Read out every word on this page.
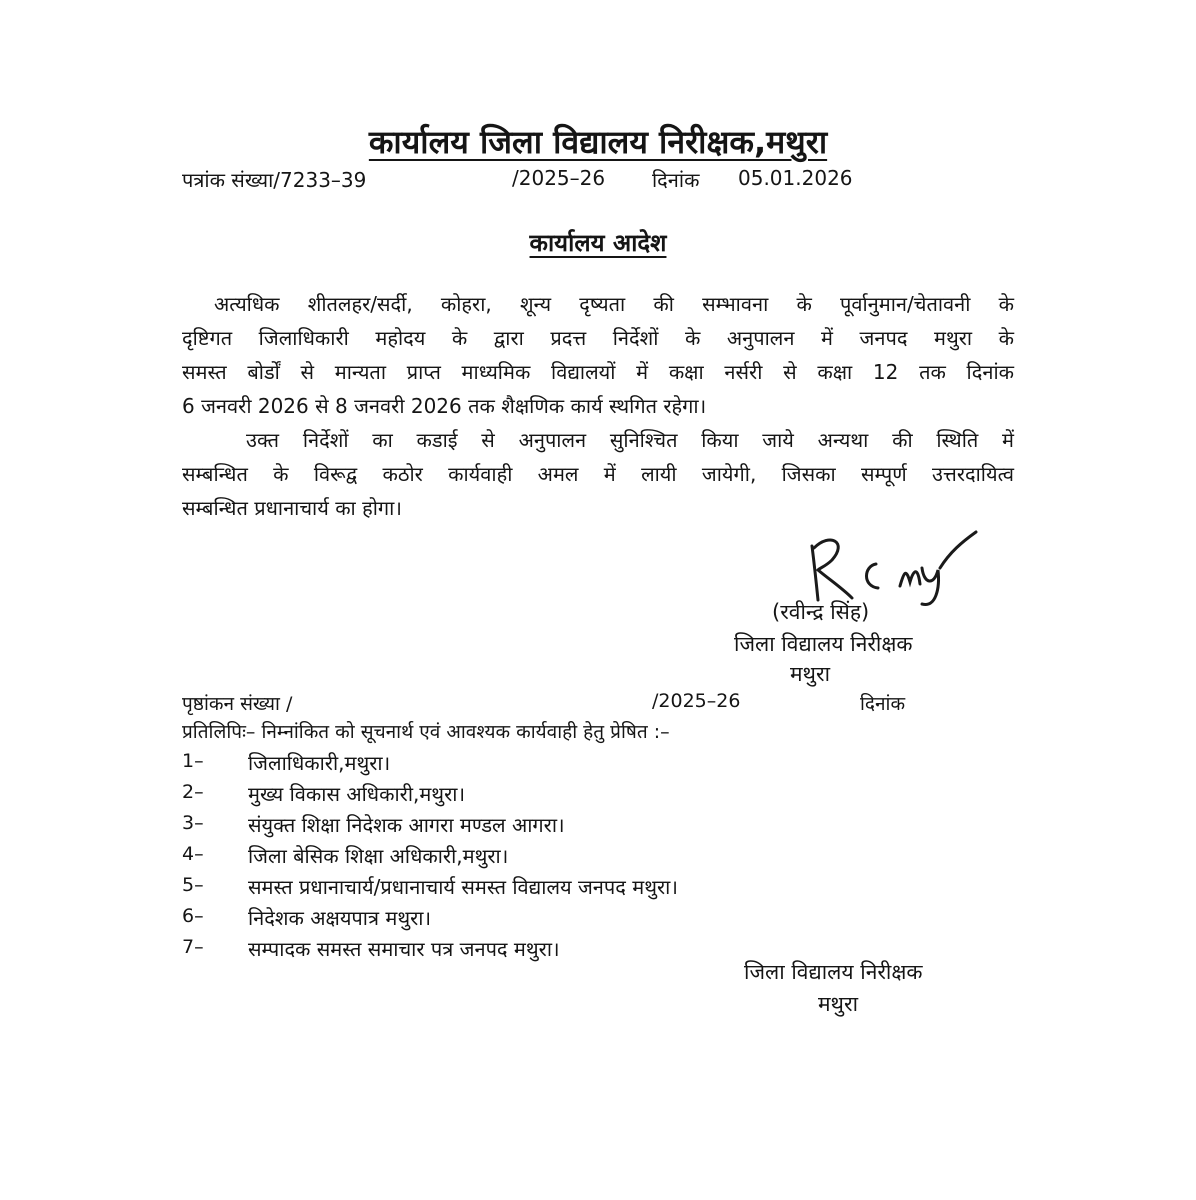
कार्यालय जिला विद्यालय निरीक्षक,मथुरा
पत्रांक संख्या/7233–39	/2025–26 दिनांक 05.01.2026
कार्यालय आदेश
अत्यधिक शीतलहर/सर्दी, कोहरा, शून्य दृष्यता की सम्भावना के पूर्वानुमान/चेतावनी के
दृष्टिगत जिलाधिकारी महोदय के द्वारा प्रदत्त निर्देशों के अनुपालन में जनपद मथुरा के
समस्त बोर्डों से मान्यता प्राप्त माध्यमिक विद्यालयों में कक्षा नर्सरी से कक्षा 12 तक दिनांक
6 जनवरी 2026 से 8 जनवरी 2026 तक शैक्षणिक कार्य स्थगित रहेगा।
उक्त निर्देशों का कडाई से अनुपालन सुनिश्चित किया जाये अन्यथा की स्थिति में
सम्बन्धित के विरूद्व कठोर कार्यवाही अमल में लायी जायेगी, जिसका सम्पूर्ण उत्तरदायित्व
सम्बन्धित प्रधानाचार्य का होगा।
(रवीन्द्र सिंह)
जिला विद्यालय निरीक्षक
मथुरा
पृष्ठांकन संख्या /	/2025–26	दिनांक
प्रतिलिपिः– निम्नांकित को सूचनार्थ एवं आवश्यक कार्यवाही हेतु प्रेषित :–
1– जिलाधिकारी,मथुरा।
2– मुख्य विकास अधिकारी,मथुरा।
3– संयुक्त शिक्षा निदेशक आगरा मण्डल आगरा।
4– जिला बेसिक शिक्षा अधिकारी,मथुरा।
5– समस्त प्रधानाचार्य/प्रधानाचार्य समस्त विद्यालय जनपद मथुरा।
6– निदेशक अक्षयपात्र मथुरा।
7– सम्पादक समस्त समाचार पत्र जनपद मथुरा।
जिला विद्यालय निरीक्षक
मथुरा
